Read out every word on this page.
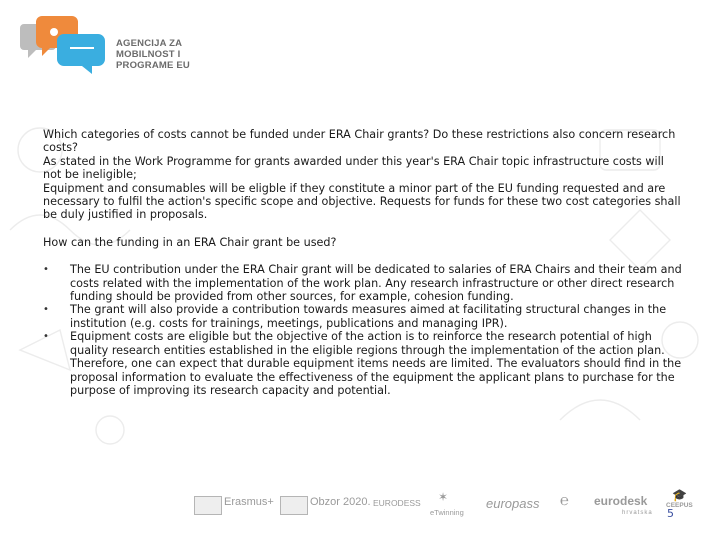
AGENCIJA ZA
MOBILNOST I
PROGRAME EU

Which categories of costs cannot be funded under ERA Chair grants? Do these restrictions also concern research costs?

As stated in the Work Programme for grants awarded under this year's ERA Chair topic infrastructure costs will not be ineligible;

Equipment and consumables will be eligble if they constitute a minor part of the EU funding requested and are necessary to fulfil the action's specific scope and objective. Requests for funds for these two cost categories shall be duly justified in proposals.

How can the funding in an ERA Chair grant be used?

• The EU contribution under the ERA Chair grant will be dedicated to salaries of ERA Chairs and their team and costs related with the implementation of the work plan. Any research infrastructure or other direct research funding should be provided from other sources, for example, cohesion funding.
• The grant will also provide a contribution towards measures aimed at facilitating structural changes in the institution (e.g. costs for trainings, meetings, publications and managing IPR).
• Equipment costs are eligible but the objective of the action is to reinforce the research potential of high quality research entities established in the eligible regions through the implementation of the action plan. Therefore, one can expect that durable equipment items needs are limited. The evaluators should find in the proposal information to evaluate the effectiveness of the equipment the applicant plans to purchase for the purpose of improving its research capacity and potential.
Erasmus+	Obzor 2020. EURODESS ✶
eTwinning
europass ℮ eurodesk
hrvatska
🎓
CEEPUS
5
